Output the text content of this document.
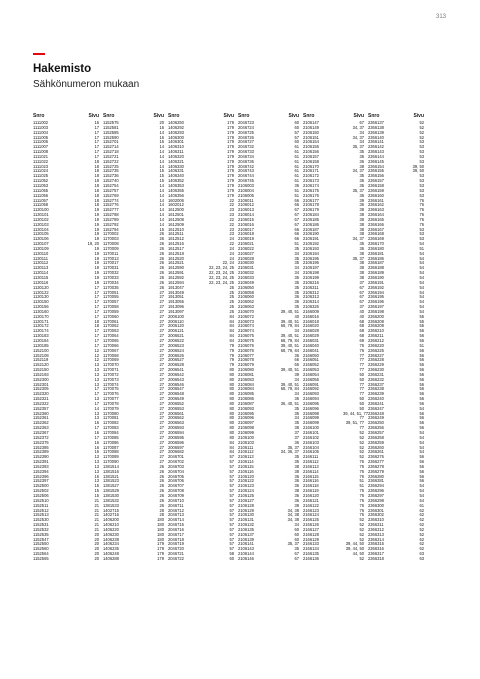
313
Hakemisto
Sähkönumeron mukaan
Snro	Sivu Snro	Sivu Snro	Sivu Snro	Sivu Snro	Sivu Snro	Sivu
1111002	16 1152575	20 1406250	179 2046723	60 2106147	67 2366137	52
1111003	17 1152581	16 1406292	179 2046724	60 2106149	34, 37 2366138	52
1111004	17 1152585	14 1406293	179 2046725	57 2106150	34 2366139	52
1111005	17 1152590	16 1406300	179 2046726	57 2106151	34, 37 2366140	52
1111006	17 1152701	16 1406301	179 2046727	60 2106154	34 2366141	53
1111007	17 1152714	14 1406310	179 2046732	61 2106155	35, 37 2366142	53
1111008	17 1152718	14 1406311	179 2046733	61 2106156	35 2366143	53
1111021	17 1152721	14 1406320	179 2046734	61 2106157	35 2366144	53
1111022	18 1152722	14 1406321	179 2046736	61 2106158	36 2366145	53
1111023	18 1152725	14 1406330	179 2046742	61 2106170	38 2366154	39, 50
1111024	18 1152735	15 1406331	179 2046743	61 2106171	34, 37 2366155	39, 50
1111025	18 1152736	15 1406340	179 2046744	61 2106172	35 2366156	53
1111052	18 1152740	15 1406352	179 2046745	61 2106173	35 2366157	53
1111053	18 1152754	14 1406353	179 2106003	36 2106174	36 2366158	53
1111055	18 1152757	14 1406355	179 2106004	51 2106175	35, 37 2366159	53
1111056	18 1152769	14 1406356	179 2106005	51 2106176	36 2366160	53
1111057	18 1152774	14 1602006	22 2106011	66 2106177	39 2366161	76
1111058	18 1152776	14 1602012	22 2106012	66 2106178	36 2366162	76
1130100	19 1152777	14 1612500	23 2106013	67 2106179	38 2366163	76
1130101	19 1152788	14 1612501	23 2106014	67 2106184	38 2366164	76
1130102	19 1152789	14 1612508	22 2106015	67 2106185	38 2366165	76
1130103	19 1152792	14 1612509	22 2106016	67 2106186	38 2366166	76
1130104	19 1152794	15 1612510	23 2106017	66 2106187	38 2366167	53
1130105	19 1170002	26 1612511	23 2106018	66 2106190	38 2366168	53
1130106	19 1170003	26 1612512	24 2106019	66 2106191	34, 37 2366169	53
1130107	19, 20 1170008	26 1612516	22 2106021	51 2106192	35 2366170	54
1130109	19 1170009	26 1612517	24 2106022	35 2106193	36 2366180	51
1130110	19 1170011	26 1612518	24 2106027	34 2106194	38 2366181	54
1130111	19 1170013	26 1612520	24 2106028	35 2106195	35, 37 2366186	54
1130112	19 1170017	26 1612521	22, 24 2106030	35 2106196	38 2366187	54
1130113	19 1170031	26 1612590	22, 23, 24, 25 2106031	34 2106197	38 2366188	54
1130114	19 1170032	26 1612591	22, 23, 24, 25 2106032	34 2106198	38 2366189	54
1130115	19 1170033	26 1612592	22, 23, 24, 25 2106033	35 2106199	38 2366190	54
1130116	19 1170034	26 1612594	22, 23, 24, 25 2106049	36 2106216	37 2366191	54
1130120	17 1170035	26 1913047	25 2106050	35 2106311	67 2366192	54
1130122	17 1170051	27 1913049	25 2106058	35 2106312	67 2366194	54
1130130	17 1170055	27 1913051	25 2106060	36 2106313	67 2366195	54
1130150	17 1170057	27 1913055	25 2106062	36 2106314	67 2366196	54
1130156	17 1170058	27 1913096	25 2106063	35 2106326	37 2366197	54
1130160	17 1170059	27 1913097	25 2106070	39, 40, 51 2166009	40 2366198	54
1130170	17 1170060	27 2006100	84 2106072	40 2166016	40 2366200	55
1130171	18 1170061	27 2006110	84 2106073	39, 40, 51 2166018	68 2366208	55
1130172	18 1170062	27 2006120	84 2106074	68, 79, 84 2166020	68 2366209	55
1130174	17 1170063	27 2006121	84 2106074	34 2166028	68 2366210	56
1130183	17 1170064	27 2006521	84 2106075	39, 40, 51 2166029	68 2366211	56
1130184	17 1170065	27 2006522	84 2106075	68, 79, 84 2166031	69 2366212	56
1130185	17 1170066	27 2006523	79 2106076	39, 40, 51 2166040	76 2366220	51
1152100	12 1170067	27 2006524	79 2106076	68, 79, 84 2166041	76 2366225	56
1152108	12 1170068	27 2006526	79 2106077	36 2166050	77 2366227	56
1152119	12 1170069	27 2006527	79 2106078	66 2166051	77 2366228	56
1152120	13 1170070	27 2006528	79 2106079	66 2166052	77 2366229	56
1152150	13 1170071	27 2006541	80 2106080	39, 40, 51 2166053	77 2366230	56
1152193	13 1170072	27 2006542	80 2106081	39 2166054	50 2366231	56
1152300	13 1170073	27 2006543	80 2106083	34 2166055	50 2366232	56
1152301	13 1170074	27 2006546	80 2106084	39, 40, 51 2166091	77 2366237	56
1152305	17 1170075	27 2006547	80 2106084	68, 79, 84 2166092	77 2366238	56
1152320	17 1170076	27 2006548	80 2106085	34 2166093	77 2366239	56
1152321	13 1170077	27 2006549	80 2106086	36 2166094	50 2366240	56
1152322	17 1170078	27 2006552	80 2106087	36, 40, 51 2166095	50 2366241	56
1152357	14 1170079	27 2006553	80 2106093	35 2166096	50 2366247	54
1152360	13 1170080	27 2006561	80 2106095	35 2166098	39, 44, 51, 77 2366248	56
1152361	13 1170081	27 2006562	80 2106096	34 2166099	77 2366249	56
1152362	16 1170082	27 2006563	80 2106097	35 2166099	39, 51, 77 2366250	56
1152363	17 1170083	27 2006593	80 2106098	38 2166100	77 2366256	56
1152367	16 1170084	27 2006594	80 2106099	37 2166101	52 2366257	54
1152372	17 1170085	27 2006595	80 2106100	37 2166102	52 2366258	54
1152375	16 1170086	27 2006596	84 2106103	36 2166103	52 2366259	54
1152385	16 1170087	27 2006597	84 2106111	35, 37 2166104	52 2366260	54
1152389	16 1170088	27 2006682	84 2106112	34, 36, 37 2166105	52 2366261	54
1152390	13 1170089	27 2046701	57 2106113	35 2166111	52 2366276	56
1152391	13 1170090	27 2046702	57 2106114	35 2166112	76 2366277	56
1152393	13 1381514	26 2046703	57 2106115	38 2166113	76 2366278	56
1152394	13 1381516	26 2046704	57 2106116	38 2166114	76 2366279	56
1152396	16 1381521	26 2046705	57 2106120	36 2166115	76 2366280	56
1152397	13 1381523	26 2046706	57 2106122	36 2166116	51 2366281	56
1152500	15 1381527	26 2046707	57 2106123	36 2166118	51 2366294	54
1152502	15 1381529	26 2046708	57 2106124	38 2166119	76 2366296	54
1152506	15 1381530	26 2046709	57 2106125	36 2166120	76 2366297	54
1152510	21 1381532	26 2046710	57 2106127	36 2166121	76 2366298	54
1152511	21 1381533	26 2046711	57 2106128	39 2166122	76 2366300	61
1152512	21 1402715	28 2046712	57 2106129	34, 38 2166123	76 2366301	62
1152513	21 1402716	28 2046713	57 2106130	34, 38 2166124	76 2366302	62
1152530	21 1406200	180 2046714	57 2106131	34, 38 2166125	52 2366310	62
1152531	21 1406210	180 2046715	57 2106132	34 2166126	52 2366311	62
1152532	21 1406220	180 2046716	57 2106135	60 2166127	52 2366312	52
1152535	20 1406230	180 2046717	57 2106137	60 2166128	52 2366313	52
1152547	20 1406238	180 2046718	57 2106139	60 2166129	52 2366314	62
1152550	20 1406234	179 2046719	57 2106141	35, 37 2166133	39, 44, 50 2366315	62
1152560	20 1406235	179 2046720	57 2106143	35 2166134	39, 44, 50 2366316	62
1152564	20 1406248	179 2046721	58 2106144	67 2166135	44, 50 2366317	63
1152565	20 1406288	179 2046722	60 2106146	67 2166136	52 2366318	63
